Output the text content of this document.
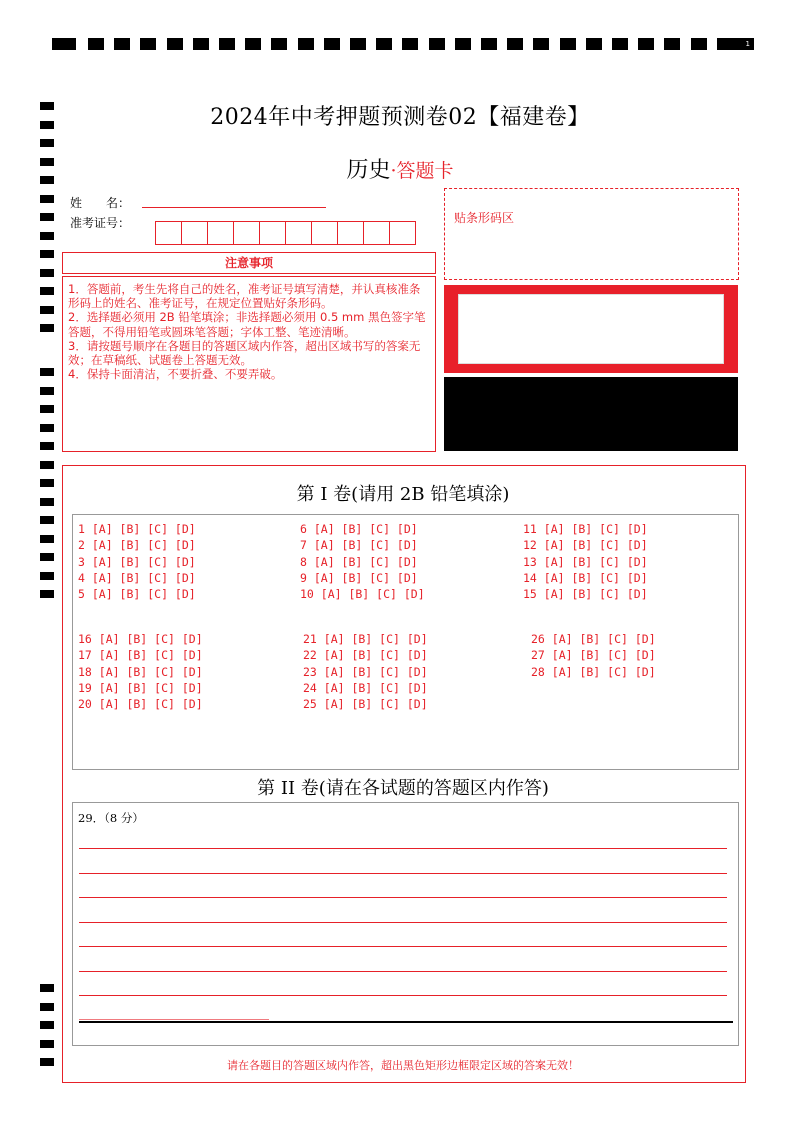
1
2024年中考押题预测卷02【福建卷】
历史·答题卡
姓　　名：
准考证号：
注意事项

1．答题前，考生先将自己的姓名，准考证号填写清楚，并认真核准条形码上的姓名、准考证号，在规定位置贴好条形码。

2．选择题必须用 2B 铅笔填涂；非选择题必须用 0.5 mm 黑色签字笔答题，不得用铅笔或圆珠笔答题；字体工整、笔迹清晰。

3．请按题号顺序在各题目的答题区域内作答，超出区域书写的答案无效；在草稿纸、试题卷上答题无效。

4．保持卡面清洁，不要折叠、不要弄破。

贴条形码区
第 I 卷(请用 2B 铅笔填涂)
1 [A] [B] [C] [D]
2 [A] [B] [C] [D]
3 [A] [B] [C] [D]
4 [A] [B] [C] [D]
5 [A] [B] [C] [D]
6 [A] [B] [C] [D]
7 [A] [B] [C] [D]
8 [A] [B] [C] [D]
9 [A] [B] [C] [D]
10 [A] [B] [C] [D]
11 [A] [B] [C] [D]
12 [A] [B] [C] [D]
13 [A] [B] [C] [D]
14 [A] [B] [C] [D]
15 [A] [B] [C] [D]
16 [A] [B] [C] [D]
17 [A] [B] [C] [D]
18 [A] [B] [C] [D]
19 [A] [B] [C] [D]
20 [A] [B] [C] [D]
21 [A] [B] [C] [D]
22 [A] [B] [C] [D]
23 [A] [B] [C] [D]
24 [A] [B] [C] [D]
25 [A] [B] [C] [D]
26 [A] [B] [C] [D]
27 [A] [B] [C] [D]
28 [A] [B] [C] [D]
第 II 卷(请在各试题的答题区内作答)
29．（8 分）
请在各题目的答题区域内作答，超出黑色矩形边框限定区域的答案无效！
